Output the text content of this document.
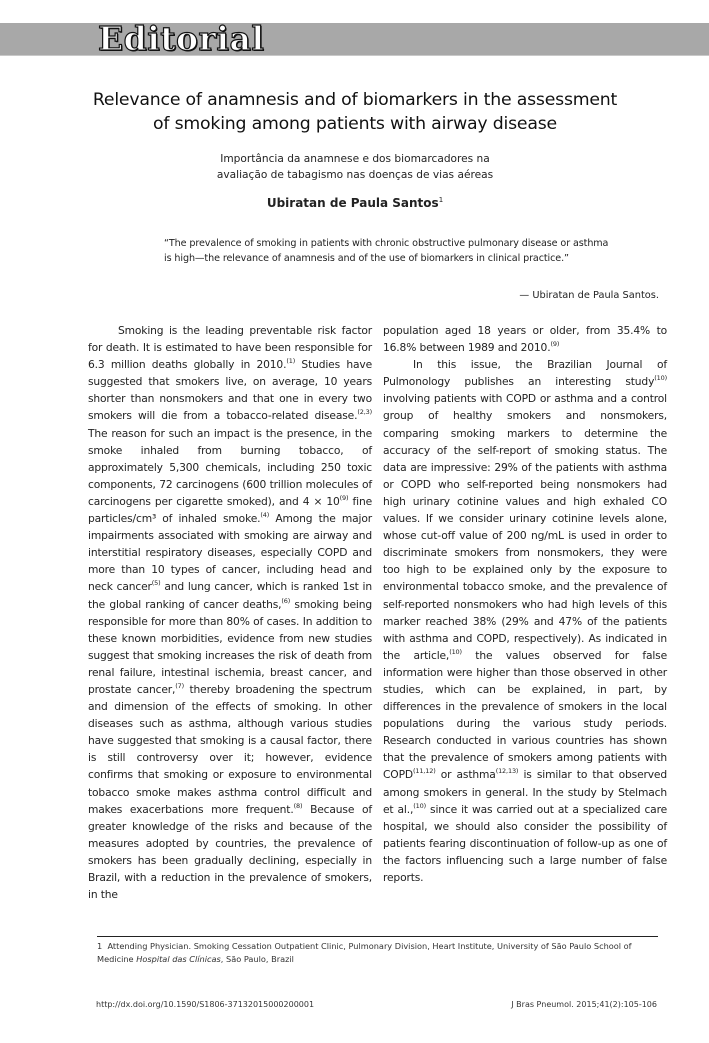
Editorial
Relevance of anamnesis and of biomarkers in the assessment
of smoking among patients with airway disease
Importância da anamnese e dos biomarcadores na
avaliação de tabagismo nas doenças de vias aéreas
Ubiratan de Paula Santos$^1$
“The prevalence of smoking in patients with chronic obstructive pulmonary disease or asthma
is high—the relevance of anamnesis and of the use of biomarkers in clinical practice.”
— Ubiratan de Paula Santos.

Smoking is the leading preventable risk factor for death. It is estimated to have been responsible for 6.3 million deaths globally in 2010.$^{(1)}$ Studies have suggested that smokers live, on average, 10 years shorter than nonsmokers and that one in every two smokers will die from a tobacco-related disease.$^{(2,3)}$ The reason for such an impact is the presence, in the smoke inhaled from burning tobacco, of approximately 5,300 chemicals, including 250 toxic components, 72 carcinogens (600 trillion molecules of carcinogens per cigarette smoked), and $4 \times 10^{(9)}$ fine particles/cm³ of inhaled smoke.$^{(4)}$ Among the major impairments associated with smoking are airway and interstitial respiratory diseases, especially COPD and more than 10 types of cancer, including head and neck cancer$^{(5)}$ and lung cancer, which is ranked 1st in the global ranking of cancer deaths,$^{(6)}$ smoking being responsible for more than 80% of cases. In addition to these known morbidities, evidence from new studies suggest that smoking increases the risk of death from renal failure, intestinal ischemia, breast cancer, and prostate cancer,$^{(7)}$ thereby broadening the spectrum and dimension of the effects of smoking. In other diseases such as asthma, although various studies have suggested that smoking is a causal factor, there is still controversy over it; however, evidence confirms that smoking or exposure to environmental tobacco smoke makes asthma control difficult and makes exacerbations more frequent.$^{(8)}$ Because of greater knowledge of the risks and because of the measures adopted by countries, the prevalence of smokers has been gradually declining, especially in Brazil, with a reduction in the prevalence of smokers, in the

population aged 18 years or older, from 35.4% to 16.8% between 1989 and 2010.$^{(9)}$

In this issue, the Brazilian Journal of Pulmonology publishes an interesting study$^{(10)}$ involving patients with COPD or asthma and a control group of healthy smokers and nonsmokers, comparing smoking markers to determine the accuracy of the self-report of smoking status. The data are impressive: 29% of the patients with asthma or COPD who self-reported being nonsmokers had high urinary cotinine values and high exhaled CO values. If we consider urinary cotinine levels alone, whose cut-off value of 200 ng/mL is used in order to discriminate smokers from nonsmokers, they were too high to be explained only by the exposure to environmental tobacco smoke, and the prevalence of self-reported nonsmokers who had high levels of this marker reached 38% (29% and 47% of the patients with asthma and COPD, respectively). As indicated in the article,$^{(10)}$ the values observed for false information were higher than those observed in other studies, which can be explained, in part, by differences in the prevalence of smokers in the local populations during the various study periods. Research conducted in various countries has shown that the prevalence of smokers among patients with COPD$^{(11,12)}$ or asthma$^{(12,13)}$ is similar to that observed among smokers in general. In the study by Stelmach et al.,$^{(10)}$ since it was carried out at a specialized care hospital, we should also consider the possibility of patients fearing discontinuation of follow-up as one of the factors influencing such a large number of false reports.

1 Attending Physician. Smoking Cessation Outpatient Clinic, Pulmonary Division, Heart Institute, University of São Paulo School of Medicine Hospital das Clínicas, São Paulo, Brazil
http://dx.doi.org/10.1590/S1806-37132015000200001	J Bras Pneumol. 2015;41(2):105-106
